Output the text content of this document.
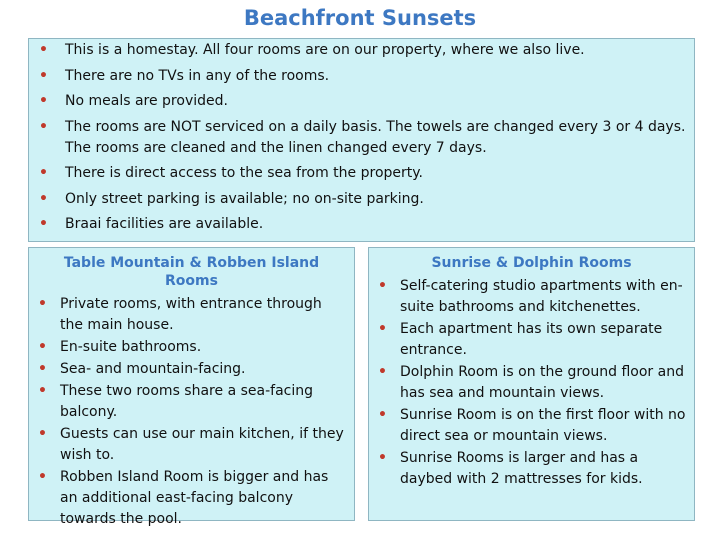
Beachfront Sunsets
• This is a homestay. All four rooms are on our property, where we also live.
• There are no TVs in any of the rooms.
• No meals are provided.
• The rooms are NOT serviced on a daily basis. The towels are changed every 3 or 4 days. The rooms are cleaned and the linen changed every 7 days.
• There is direct access to the sea from the property.
• Only street parking is available; no on-site parking.
• Braai facilities are available.
Table Mountain & Robben Island Rooms
• Private rooms, with entrance through the main house.
• En-suite bathrooms.
• Sea- and mountain-facing.
• These two rooms share a sea-facing balcony.
• Guests can use our main kitchen, if they wish to.
• Robben Island Room is bigger and has an additional east-facing balcony towards the pool.
Sunrise & Dolphin Rooms
• Self-catering studio apartments with en-suite bathrooms and kitchenettes.
• Each apartment has its own separate entrance.
• Dolphin Room is on the ground floor and has sea and mountain views.
• Sunrise Room is on the first floor with no direct sea or mountain views.
• Sunrise Rooms is larger and has a daybed with 2 mattresses for kids.
